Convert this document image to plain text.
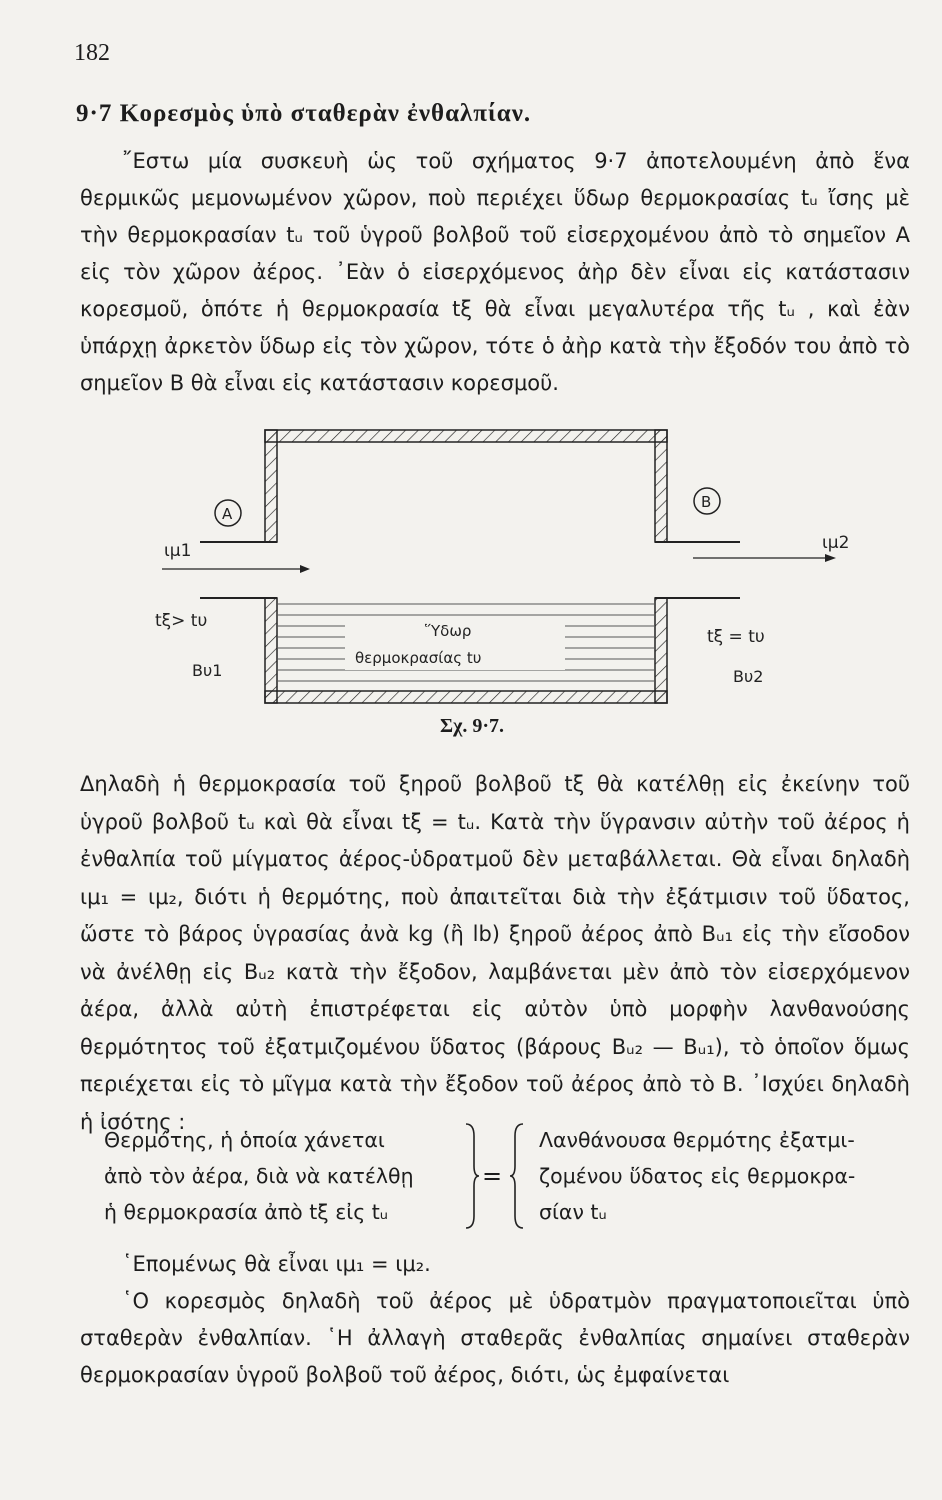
182
9·7 Κορεσμὸς ὑπὸ σταθερὰν ἐνθαλπίαν.

῎Εστω μία συσκευὴ ὡς τοῦ σχήματος 9·7 ἀποτελουμένη ἀπὸ ἕνα θερμικῶς μεμονωμένον χῶρον, ποὺ περιέχει ὕδωρ θερμοκρασίας tᵤ ἴσης μὲ τὴν θερμοκρασίαν tᵤ τοῦ ὑγροῦ βολβοῦ τοῦ εἰσερχομένου ἀπὸ τὸ σημεῖον Α εἰς τὸν χῶρον ἀέρος. ᾿Εὰν ὁ εἰσερχόμενος ἀὴρ δὲν εἶναι εἰς κατάστασιν κορεσμοῦ, ὁπότε ἡ θερμοκρασία tξ θὰ εἶναι μεγαλυτέρα τῆς tᵤ , καὶ ἐὰν ὑπάρχῃ ἀρκετὸν ὕδωρ εἰς τὸν χῶρον, τότε ὁ ἀὴρ κατὰ τὴν ἔξοδόν του ἀπὸ τὸ σημεῖον Β θὰ εἶναι εἰς κατάστασιν κορεσμοῦ.

Ὕδωρ
θερμοκρασίας tυ
A
B
ιμ1	ιμ2
tξ> tυ
Bυ1
tξ = tυ
Bυ2
Σχ. 9·7.

Δηλαδὴ ἡ θερμοκρασία τοῦ ξηροῦ βολβοῦ tξ θὰ κατέλθῃ εἰς ἐκείνην τοῦ ὑγροῦ βολβοῦ tᵤ καὶ θὰ εἶναι tξ = tᵤ. Κατὰ τὴν ὕγρανσιν αὐτὴν τοῦ ἀέρος ἡ ἐνθαλπία τοῦ μίγματος ἀέρος-ὑδρατμοῦ δὲν μεταβάλλεται. Θὰ εἶναι δηλαδὴ ιμ₁ = ιμ₂, διότι ἡ θερμότης, ποὺ ἀπαιτεῖται διὰ τὴν ἐξάτμισιν τοῦ ὕδατος, ὥστε τὸ βάρος ὑγρασίας ἀνὰ kg (ἢ lb) ξηροῦ ἀέρος ἀπὸ Bᵤ₁ εἰς τὴν εἴσοδον νὰ ἀνέλθῃ εἰς Bᵤ₂ κατὰ τὴν ἔξοδον, λαμβάνεται μὲν ἀπὸ τὸν εἰσερχόμενον ἀέρα, ἀλλὰ αὐτὴ ἐπιστρέφεται εἰς αὐτὸν ὑπὸ μορφὴν λανθανούσης θερμότητος τοῦ ἐξατμιζομένου ὕδατος (βάρους Bᵤ₂ — Bᵤ₁), τὸ ὁποῖον ὅμως περιέχεται εἰς τὸ μῖγμα κατὰ τὴν ἔξοδον τοῦ ἀέρος ἀπὸ τὸ Β. ᾿Ισχύει δηλαδὴ ἡ ἰσότης :

Θερμότης, ἡ ὁποία χάνεται
ἀπὸ τὸν ἀέρα, διὰ νὰ κατέλθῃ
ἡ θερμοκρασία ἀπὸ tξ εἰς tᵤ
=
Λανθάνουσα θερμότης ἐξατμι-
ζομένου ὕδατος εἰς θερμοκρα-
σίαν tᵤ

῾Επομένως θὰ εἶναι ιμ₁ = ιμ₂.

῾Ο κορεσμὸς δηλαδὴ τοῦ ἀέρος μὲ ὑδρατμὸν πραγματοποιεῖται ὑπὸ σταθερὰν ἐνθαλπίαν. ῾Η ἀλλαγὴ σταθερᾶς ἐνθαλπίας σημαίνει σταθερὰν θερμοκρασίαν ὑγροῦ βολβοῦ τοῦ ἀέρος, διότι, ὡς ἐμφαίνεται
